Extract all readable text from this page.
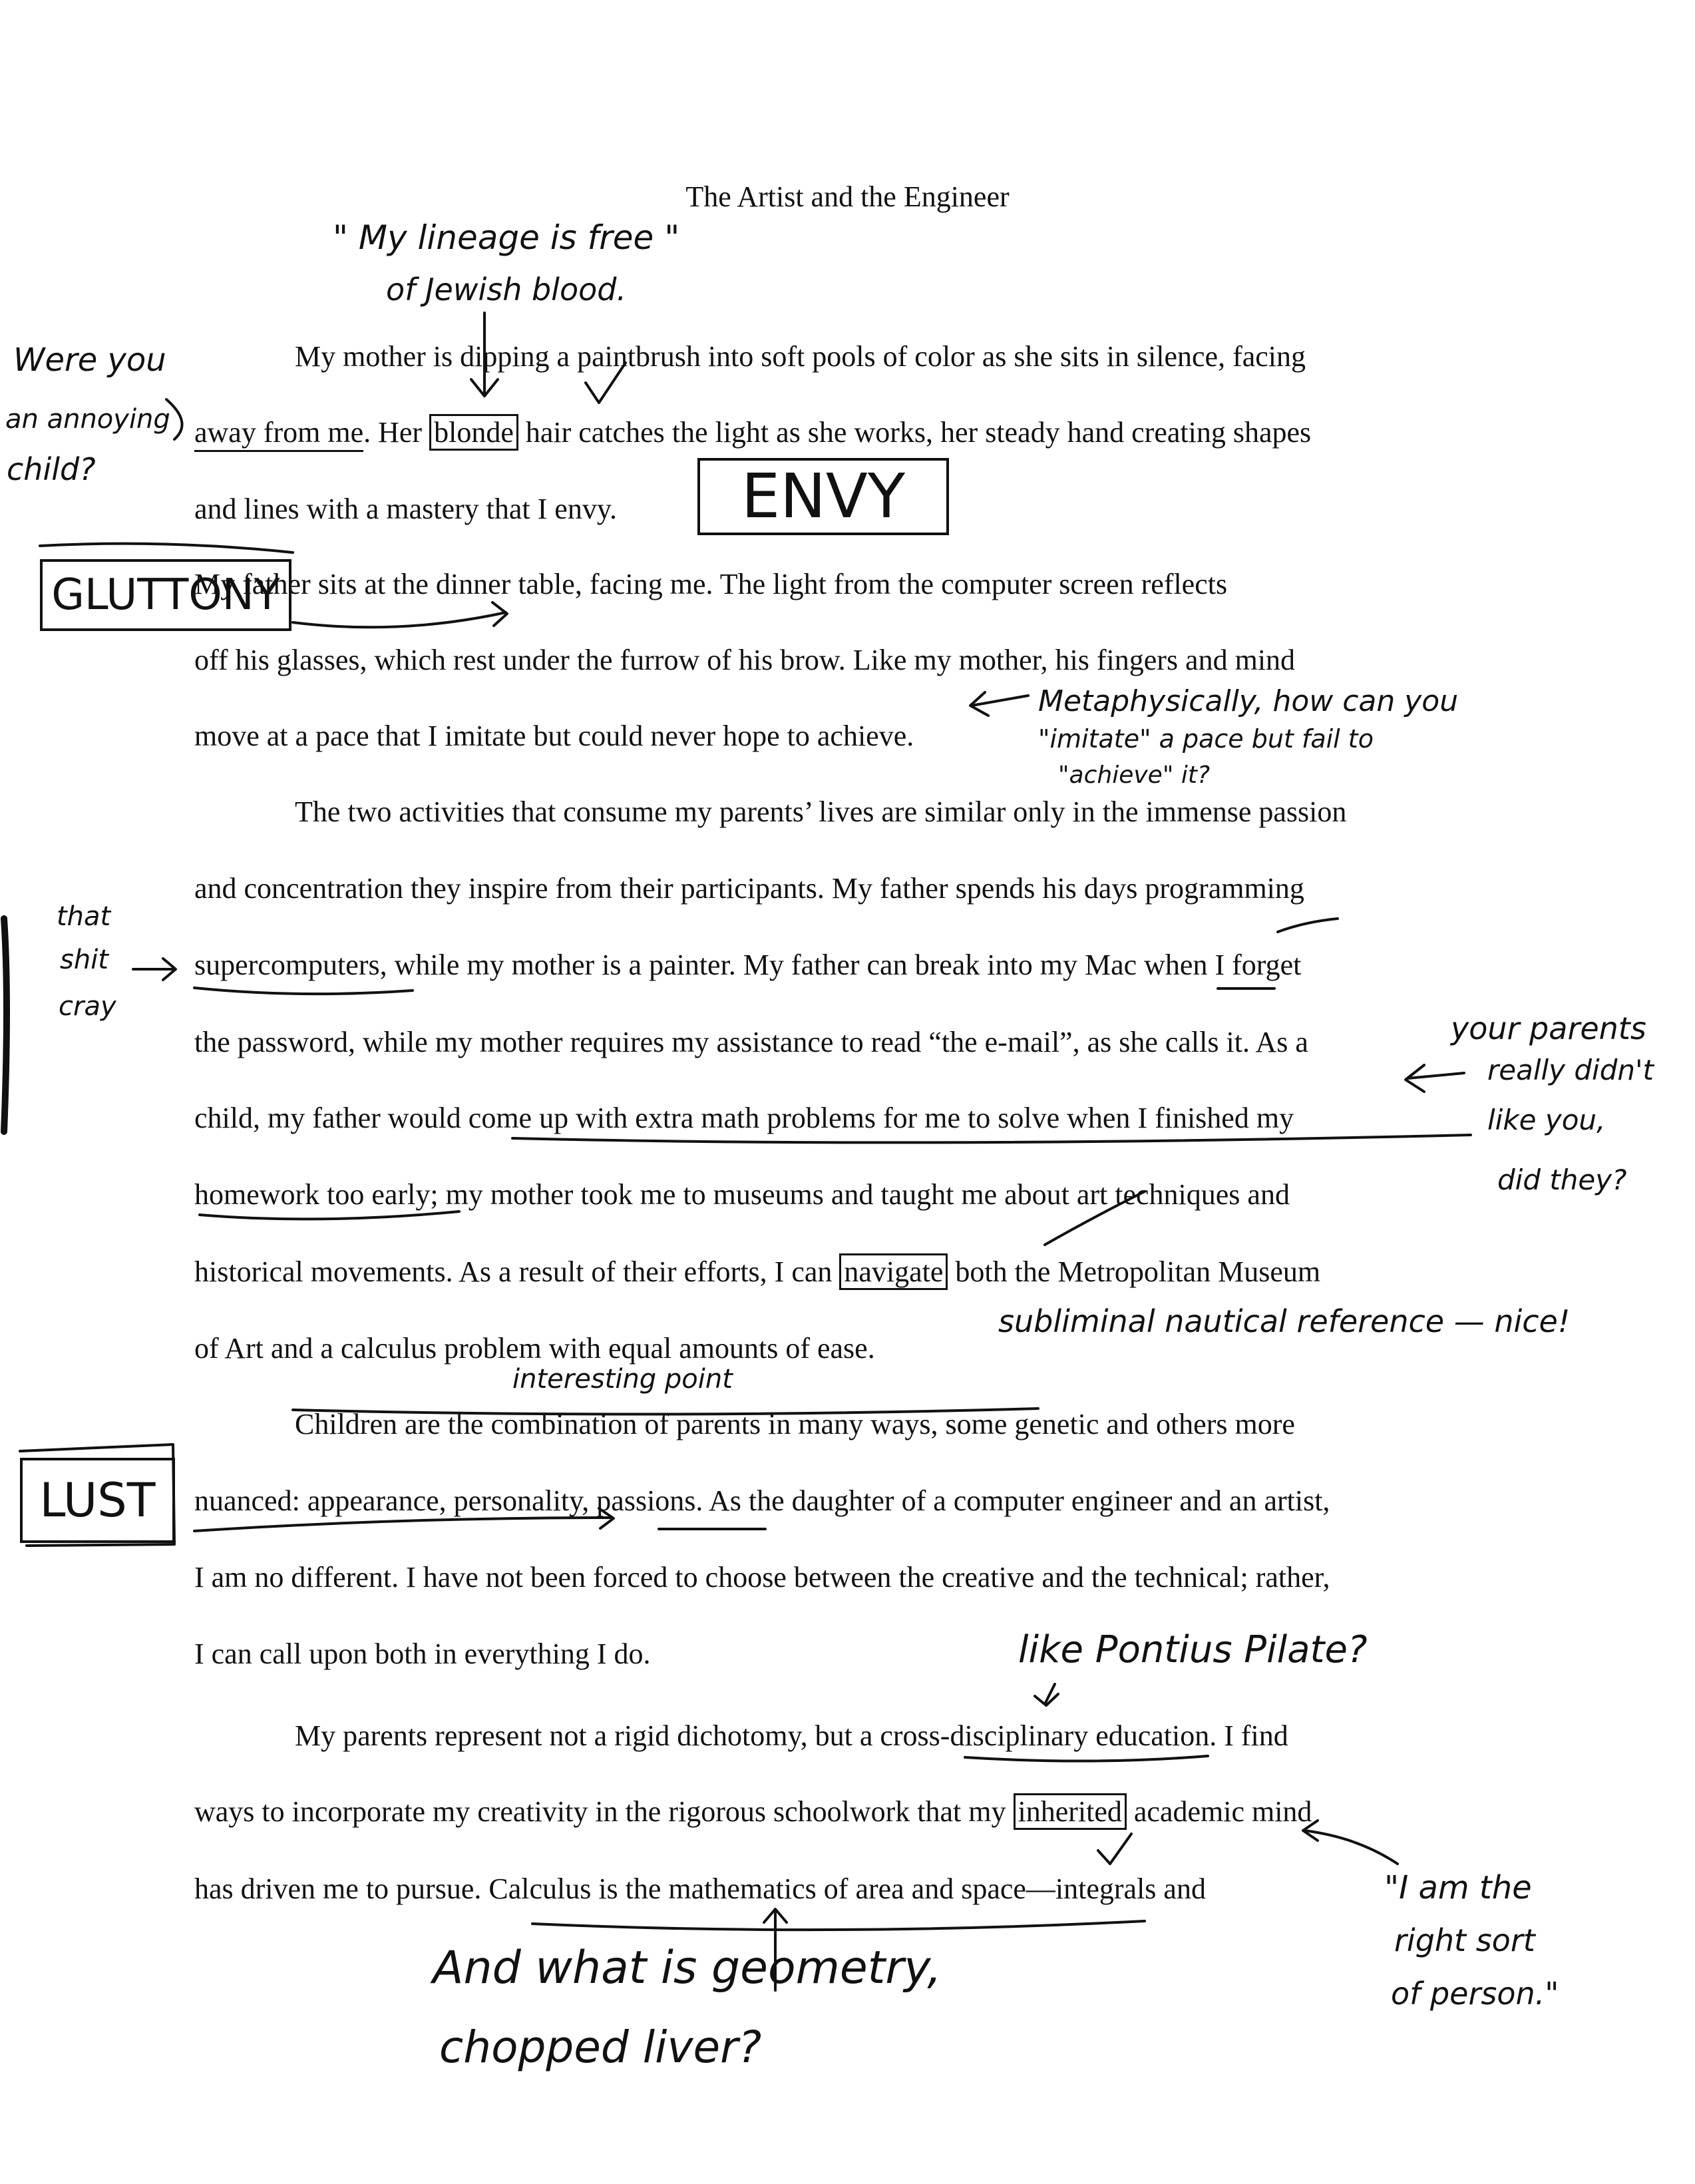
The Artist and the Engineer
My mother is dipping a paintbrush into soft pools of color as she sits in silence, facing
away from me. Her blonde hair catches the light as she works, her steady hand creating shapes
and lines with a mastery that I envy.
My father sits at the dinner table, facing me. The light from the computer screen reflects
off his glasses, which rest under the furrow of his brow. Like my mother, his fingers and mind
move at a pace that I imitate but could never hope to achieve.
The two activities that consume my parents’ lives are similar only in the immense passion
and concentration they inspire from their participants. My father spends his days programming
supercomputers, while my mother is a painter. My father can break into my Mac when I forget
the password, while my mother requires my assistance to read “the e-mail”, as she calls it. As a
child, my father would come up with extra math problems for me to solve when I finished my
homework too early; my mother took me to museums and taught me about art techniques and
historical movements. As a result of their efforts, I can navigate both the Metropolitan Museum
of Art and a calculus problem with equal amounts of ease.
Children are the combination of parents in many ways, some genetic and others more
nuanced: appearance, personality, passions. As the daughter of a computer engineer and an artist,
I am no different. I have not been forced to choose between the creative and the technical; rather,
I can call upon both in everything I do.
My parents represent not a rigid dichotomy, but a cross-disciplinary education. I find
ways to incorporate my creativity in the rigorous schoolwork that my inherited academic mind
has driven me to pursue. Calculus is the mathematics of area and space—integrals and
" My lineage is free "
of Jewish blood.
Were you
an annoying
child?	ENVY
GLUTTONY
Metaphysically, how can you
"imitate" a pace but fail to
"achieve" it?
that
shit
cray
your parents
really didn't
like you,
did they?
subliminal nautical reference — nice!
interesting point
LUST
like Pontius Pilate?
"I am the
right sort
of person."
And what is geometry,
chopped liver?
